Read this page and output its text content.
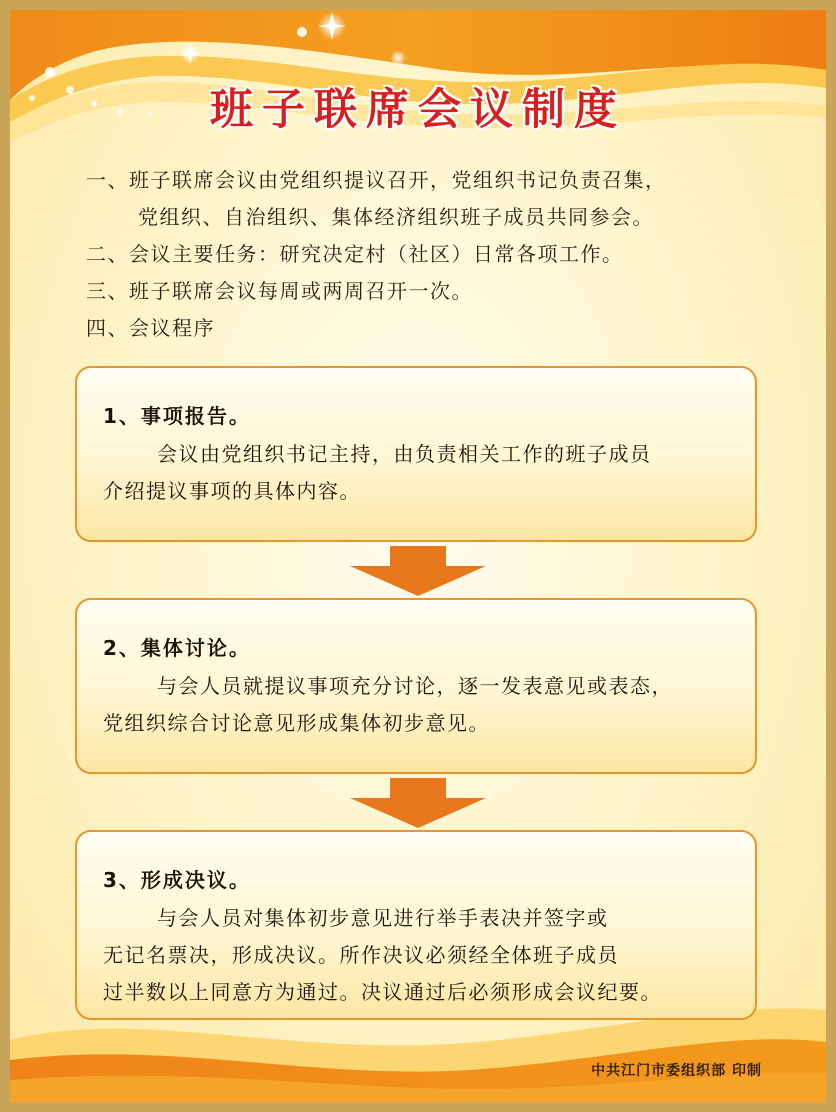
班子联席会议制度
一、班子联席会议由党组织提议召开，党组织书记负责召集，
党组织、自治组织、集体经济组织班子成员共同参会。
二、会议主要任务：研究决定村（社区）日常各项工作。
三、班子联席会议每周或两周召开一次。
四、会议程序
1、事项报告。
会议由党组织书记主持，由负责相关工作的班子成员
介绍提议事项的具体内容。
2、集体讨论。
与会人员就提议事项充分讨论，逐一发表意见或表态，
党组织综合讨论意见形成集体初步意见。
3、形成决议。
与会人员对集体初步意见进行举手表决并签字或
无记名票决，形成决议。所作决议必须经全体班子成员
过半数以上同意方为通过。决议通过后必须形成会议纪要。
中共江门市委组织部 印制
